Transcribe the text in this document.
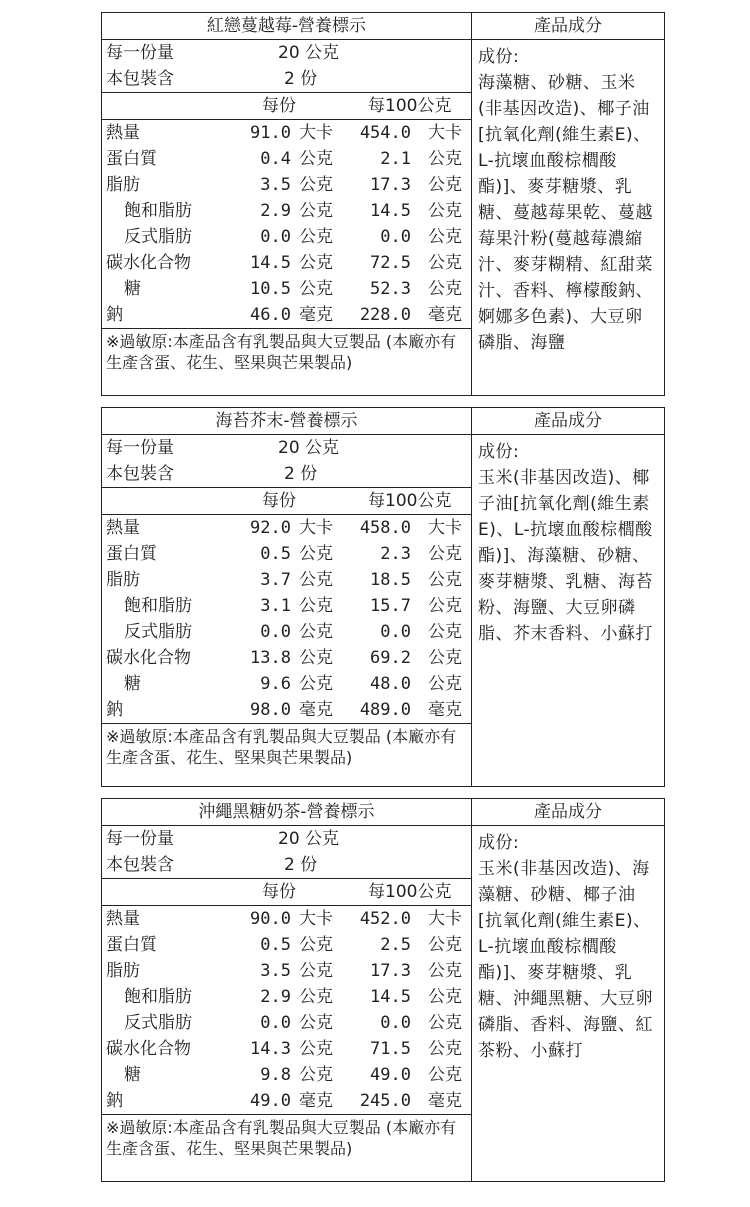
紅戀蔓越莓-營養標示
每一份量	20 公克
本包裝含	2 份
每份	每100公克
熱量	91.0 大卡 454.0 大卡
蛋白質	0.4 公克	2.1 公克
脂肪	3.5 公克 17.3 公克
飽和脂肪	2.9 公克 14.5 公克
反式脂肪	0.0 公克	0.0 公克
碳水化合物	14.5 公克 72.5 公克
糖	10.5 公克 52.3 公克
鈉	46.0 毫克 228.0 毫克
※過敏原:本產品含有乳製品與大豆製品 (本廠亦有生產含蛋、花生、堅果與芒果製品)
產品成分
成份:
海藻糖、砂糖、玉米(非基因改造)、椰子油[抗氧化劑(維生素E)、L-抗壞血酸棕櫚酸酯)]、麥芽糖漿、乳糖、蔓越莓果乾、蔓越莓果汁粉(蔓越莓濃縮汁、麥芽糊精、紅甜菜汁、香料、檸檬酸鈉、婀娜多色素)、大豆卵磷脂、海鹽
海苔芥末-營養標示
每一份量	20 公克
本包裝含	2 份
每份	每100公克
熱量	92.0 大卡 458.0 大卡
蛋白質	0.5 公克	2.3 公克
脂肪	3.7 公克 18.5 公克
飽和脂肪	3.1 公克 15.7 公克
反式脂肪	0.0 公克	0.0 公克
碳水化合物	13.8 公克 69.2 公克
糖	9.6 公克 48.0 公克
鈉	98.0 毫克 489.0 毫克
※過敏原:本產品含有乳製品與大豆製品 (本廠亦有生產含蛋、花生、堅果與芒果製品)
產品成分
成份:
玉米(非基因改造)、椰子油[抗氧化劑(維生素E)、L-抗壞血酸棕櫚酸酯)]、海藻糖、砂糖、麥芽糖漿、乳糖、海苔粉、海鹽、大豆卵磷脂、芥末香料、小蘇打
沖繩黑糖奶茶-營養標示
每一份量	20 公克
本包裝含	2 份
每份	每100公克
熱量	90.0 大卡 452.0 大卡
蛋白質	0.5 公克	2.5 公克
脂肪	3.5 公克 17.3 公克
飽和脂肪	2.9 公克 14.5 公克
反式脂肪	0.0 公克	0.0 公克
碳水化合物	14.3 公克 71.5 公克
糖	9.8 公克 49.0 公克
鈉	49.0 毫克 245.0 毫克
※過敏原:本產品含有乳製品與大豆製品 (本廠亦有生產含蛋、花生、堅果與芒果製品)
產品成分
成份:
玉米(非基因改造)、海藻糖、砂糖、椰子油[抗氧化劑(維生素E)、L-抗壞血酸棕櫚酸酯)]、麥芽糖漿、乳糖、沖繩黑糖、大豆卵磷脂、香料、海鹽、紅茶粉、小蘇打
